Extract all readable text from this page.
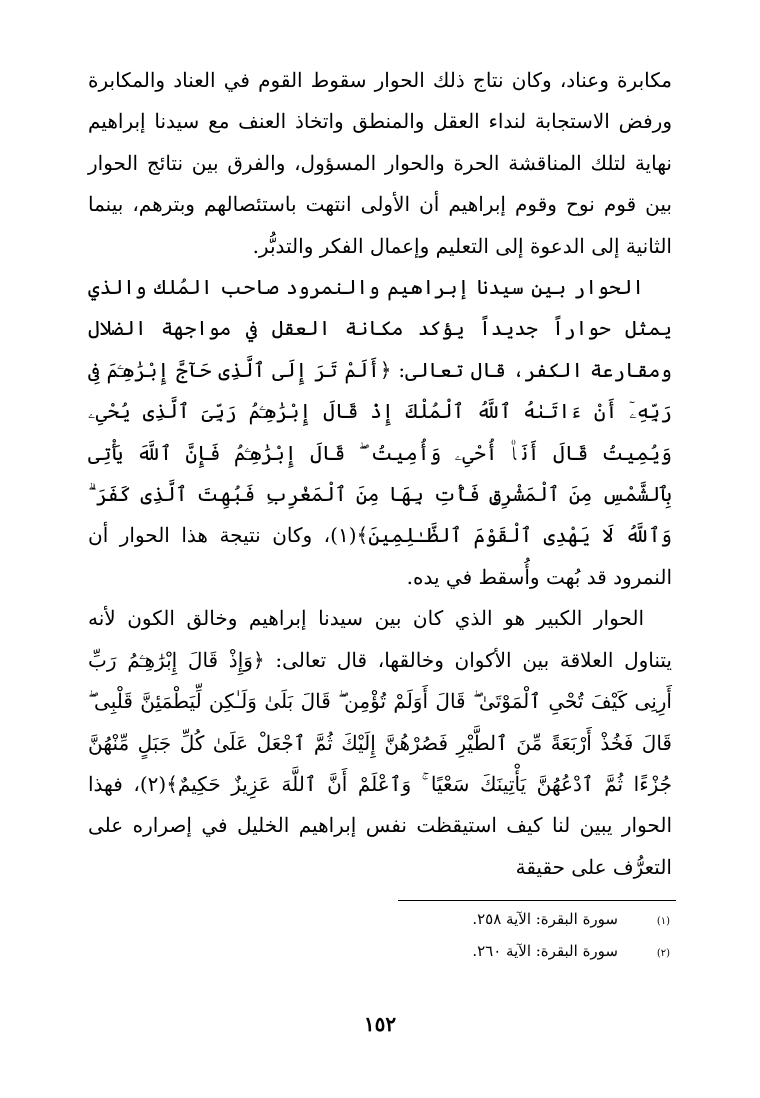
مكابرة وعناد، وكان نتاج ذلك الحوار سقوط القوم في العناد والمكابرة ورفض الاستجابة لنداء العقل والمنطق واتخاذ العنف مع سيدنا إبراهيم نهاية لتلك المناقشة الحرة والحوار المسؤول، والفرق بين نتائج الحوار بين قوم نوح وقوم إبراهيم أن الأولى انتهت باستئصالهم وبترهم، بينما الثانية إلى الدعوة إلى التعليم وإعمال الفكر والتدبُّر.

الحوار بين سيدنا إبراهيم والنمرود صاحب المُلك والذي يمثل حواراً جديداً يؤكد مكانة العقل في مواجهة الضلال ومقارعة الكفر، قال تعالى: ﴿أَلَمْ تَرَ إِلَى ٱلَّذِى حَآجَّ إِبْرَٰهِـۧمَ فِى رَبِّهِۦٓ أَنْ ءَاتَىٰهُ ٱللَّهُ ٱلْمُلْكَ إِذْ قَالَ إِبْرَٰهِـۧمُ رَبِّىَ ٱلَّذِى يُحْىِۦ وَيُمِيتُ قَالَ أَنَا۠ أُحْىِۦ وَأُمِيتُ ۖ قَالَ إِبْرَٰهِـۧمُ فَإِنَّ ٱللَّهَ يَأْتِى بِٱلشَّمْسِ مِنَ ٱلْمَشْرِقِ فَأْتِ بِهَا مِنَ ٱلْمَغْرِبِ فَبُهِتَ ٱلَّذِى كَفَرَ ۗ وَٱللَّهُ لَا يَهْدِى ٱلْقَوْمَ ٱلظَّـٰلِمِينَ﴾(١)، وكان نتيجة هذا الحوار أن النمرود قد بُهت وأُسقط في يده.

الحوار الكبير هو الذي كان بين سيدنا إبراهيم وخالق الكون لأنه يتناول العلاقة بين الأكوان وخالقها، قال تعالى: ﴿وَإِذْ قَالَ إِبْرَٰهِـۧمُ رَبِّ أَرِنِى كَيْفَ تُحْىِ ٱلْمَوْتَىٰ ۖ قَالَ أَوَلَمْ تُؤْمِن ۖ قَالَ بَلَىٰ وَلَـٰكِن لِّيَطْمَئِنَّ قَلْبِى ۖ قَالَ فَخُذْ أَرْبَعَةً مِّنَ ٱلطَّيْرِ فَصُرْهُنَّ إِلَيْكَ ثُمَّ ٱجْعَلْ عَلَىٰ كُلِّ جَبَلٍ مِّنْهُنَّ جُزْءًا ثُمَّ ٱدْعُهُنَّ يَأْتِينَكَ سَعْيًا ۚ وَٱعْلَمْ أَنَّ ٱللَّهَ عَزِيزٌ حَكِيمٌ﴾(٢)، فهذا الحوار يبين لنا كيف استيقظت نفس إبراهيم الخليل في إصراره على التعرُّف على حقيقة

(١)
سورة البقرة: الآية ٢٥٨.
(٢)
سورة البقرة: الآية ٢٦٠.
١٥٢
